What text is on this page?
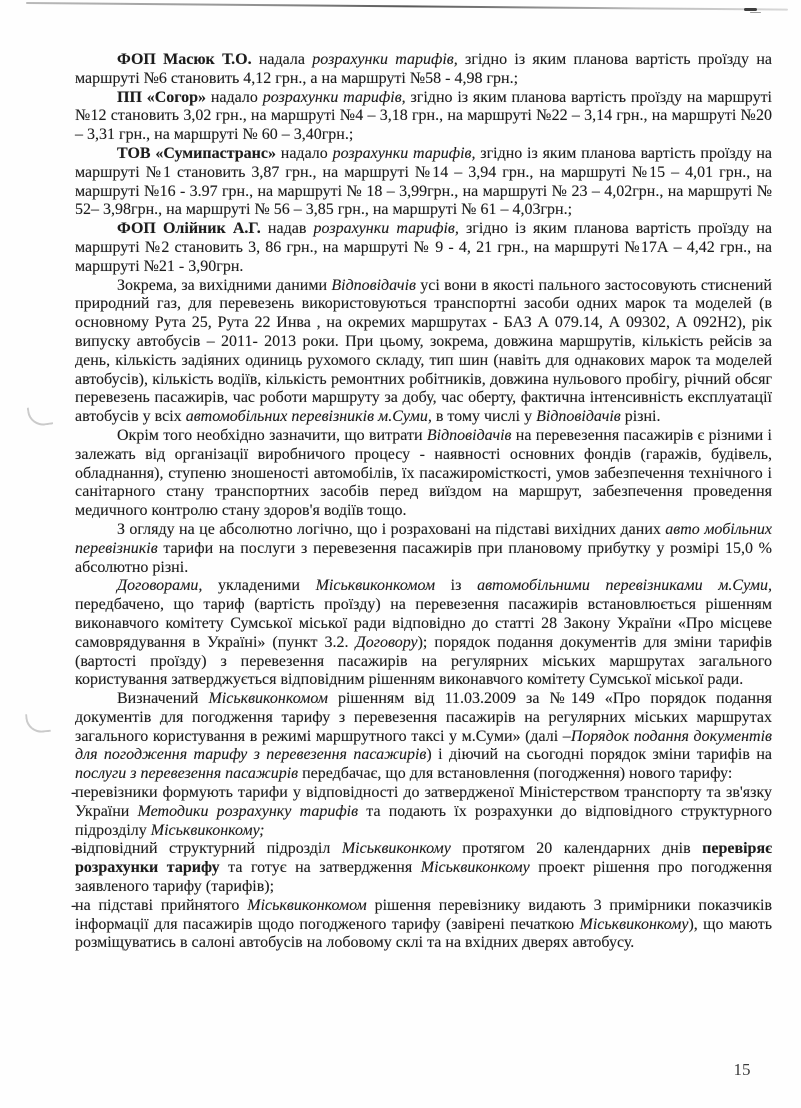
ФОП Масюк Т.О. надала розрахунки тарифів, згідно із яким планова вартість проїзду на маршруті №6 становить 4,12 грн., а на маршруті №58 - 4,98 грн.;

ПП «Согор» надало розрахунки тарифів, згідно із яким планова вартість проїзду на маршруті №12 становить 3,02 грн., на маршруті №4 – 3,18 грн., на маршруті №22 – 3,14 грн., на маршруті №20 – 3,31 грн., на маршруті № 60 – 3,40грн.;

ТОВ «Сумипастранс» надало розрахунки тарифів, згідно із яким планова вартість проїзду на маршруті №1 становить 3,87 грн., на маршруті №14 – 3,94 грн., на маршруті №15 – 4,01 грн., на маршруті №16 - 3.97 грн., на маршруті № 18 – 3,99грн., на маршруті № 23 – 4,02грн., на маршруті № 52– 3,98грн., на маршруті № 56 – 3,85 грн., на маршруті № 61 – 4,03грн.;

ФОП Олійник А.Г. надав розрахунки тарифів, згідно із яким планова вартість проїзду на маршруті №2 становить 3, 86 грн., на маршруті № 9 - 4, 21 грн., на маршруті №17А – 4,42 грн., на маршруті №21 - 3,90грн.

Зокрема, за вихідними даними Відповідачів усі вони в якості пального застосовують стиснений природний газ, для перевезень використовуються транспортні засоби одних марок та моделей (в основному Рута 25, Рута 22 Инва , на окремих маршрутах - БАЗ А 079.14, А 09302, А 092Н2), рік випуску автобусів – 2011- 2013 роки. При цьому, зокрема, довжина маршрутів, кількість рейсів за день, кількість задіяних одиниць рухомого складу, тип шин (навіть для однакових марок та моделей автобусів), кількість водіїв, кількість ремонтних робітників, довжина нульового пробігу, річний обсяг перевезень пасажирів, час роботи маршруту за добу, час оберту, фактична інтенсивність експлуатації автобусів у всіх автомобільних перевізників м.Суми, в тому числі у Відповідачів різні.

Окрім того необхідно зазначити, що витрати Відповідачів на перевезення пасажирів є різними і залежать від організації виробничого процесу - наявності основних фондів (гаражів, будівель, обладнання), ступеню зношеності автомобілів, їх пасажиромісткості, умов забезпечення технічного і санітарного стану транспортних засобів перед виїздом на маршрут, забезпечення проведення медичного контролю стану здоров'я водіїв тощо.

З огляду на це абсолютно логічно, що і розраховані на підставі вихідних даних авто мобільних перевізників тарифи на послуги з перевезення пасажирів при плановому прибутку у розмірі 15,0 % абсолютно різні.

Договорами, укладеними Міськвиконкомом із автомобільними перевізниками м.Суми, передбачено, що тариф (вартість проїзду) на перевезення пасажирів встановлюється рішенням виконавчого комітету Сумської міської ради відповідно до статті 28 Закону України «Про місцеве самоврядування в Україні» (пункт 3.2. Договору); порядок подання документів для зміни тарифів (вартості проїзду) з перевезення пасажирів на регулярних міських маршрутах загального користування затверджується відповідним рішенням виконавчого комітету Сумської міської ради.

Визначений Міськвиконкомом рішенням від 11.03.2009 за №149 «Про порядок подання документів для погодження тарифу з перевезення пасажирів на регулярних міських маршрутах загального користування в режимі маршрутного таксі у м.Суми» (далі –Порядок подання документів для погодження тарифу з перевезення пасажирів) і діючий на сьогодні порядок зміни тарифів на послуги з перевезення пасажирів передбачає, що для встановлення (погодження) нового тарифу:

-
перевізники формують тарифи у відповідності до затвердженої Міністерством транспорту та зв'язку України Методики розрахунку тарифів та подають їх розрахунки до відповідного структурного підрозділу Міськвиконкому;

-
відповідний структурний підрозділ Міськвиконкому протягом 20 календарних днів перевіряє розрахунки тарифу та готує на затвердження Міськвиконкому проект рішення про погодження заявленого тарифу (тарифів);

-
на підставі прийнятого Міськвиконкомом рішення перевізнику видають 3 примірники показчиків інформації для пасажирів щодо погодженого тарифу (завірені печаткою Міськвиконкому), що мають розміщуватись в салоні автобусів на лобовому склі та на вхідних дверях автобусу.

15
